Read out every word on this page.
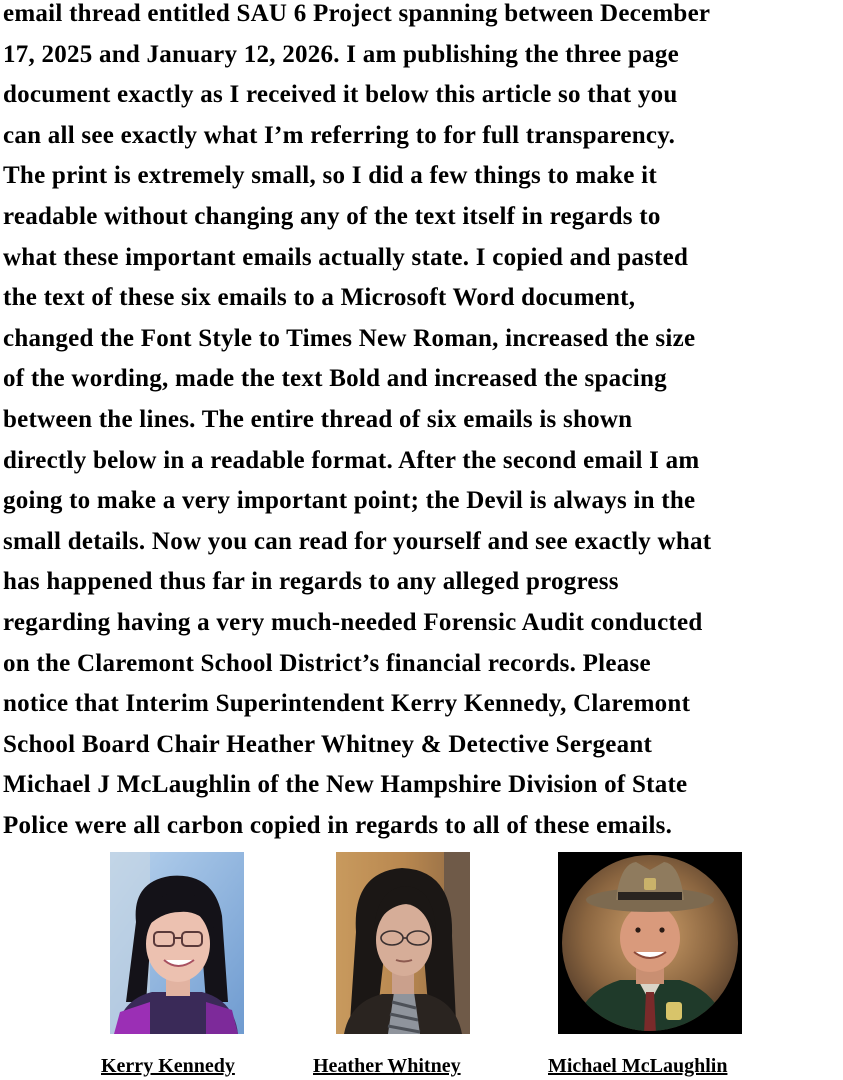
email thread entitled SAU 6 Project spanning between December
17, 2025 and January 12, 2026. I am publishing the three page
document exactly as I received it below this article so that you
can all see exactly what I’m referring to for full transparency.
The print is extremely small, so I did a few things to make it
readable without changing any of the text itself in regards to
what these important emails actually state. I copied and pasted
the text of these six emails to a Microsoft Word document,
changed the Font Style to Times New Roman, increased the size
of the wording, made the text Bold and increased the spacing
between the lines. The entire thread of six emails is shown
directly below in a readable format. After the second email I am
going to make a very important point; the Devil is always in the
small details. Now you can read for yourself and see exactly what
has happened thus far in regards to any alleged progress
regarding having a very much-needed Forensic Audit conducted
on the Claremont School District’s financial records. Please
notice that Interim Superintendent Kerry Kennedy, Claremont
School Board Chair Heather Whitney & Detective Sergeant
Michael J McLaughlin of the New Hampshire Division of State
Police were all carbon copied in regards to all of these emails.
Kerry Kennedy	Heather Whitney	Michael McLaughlin
